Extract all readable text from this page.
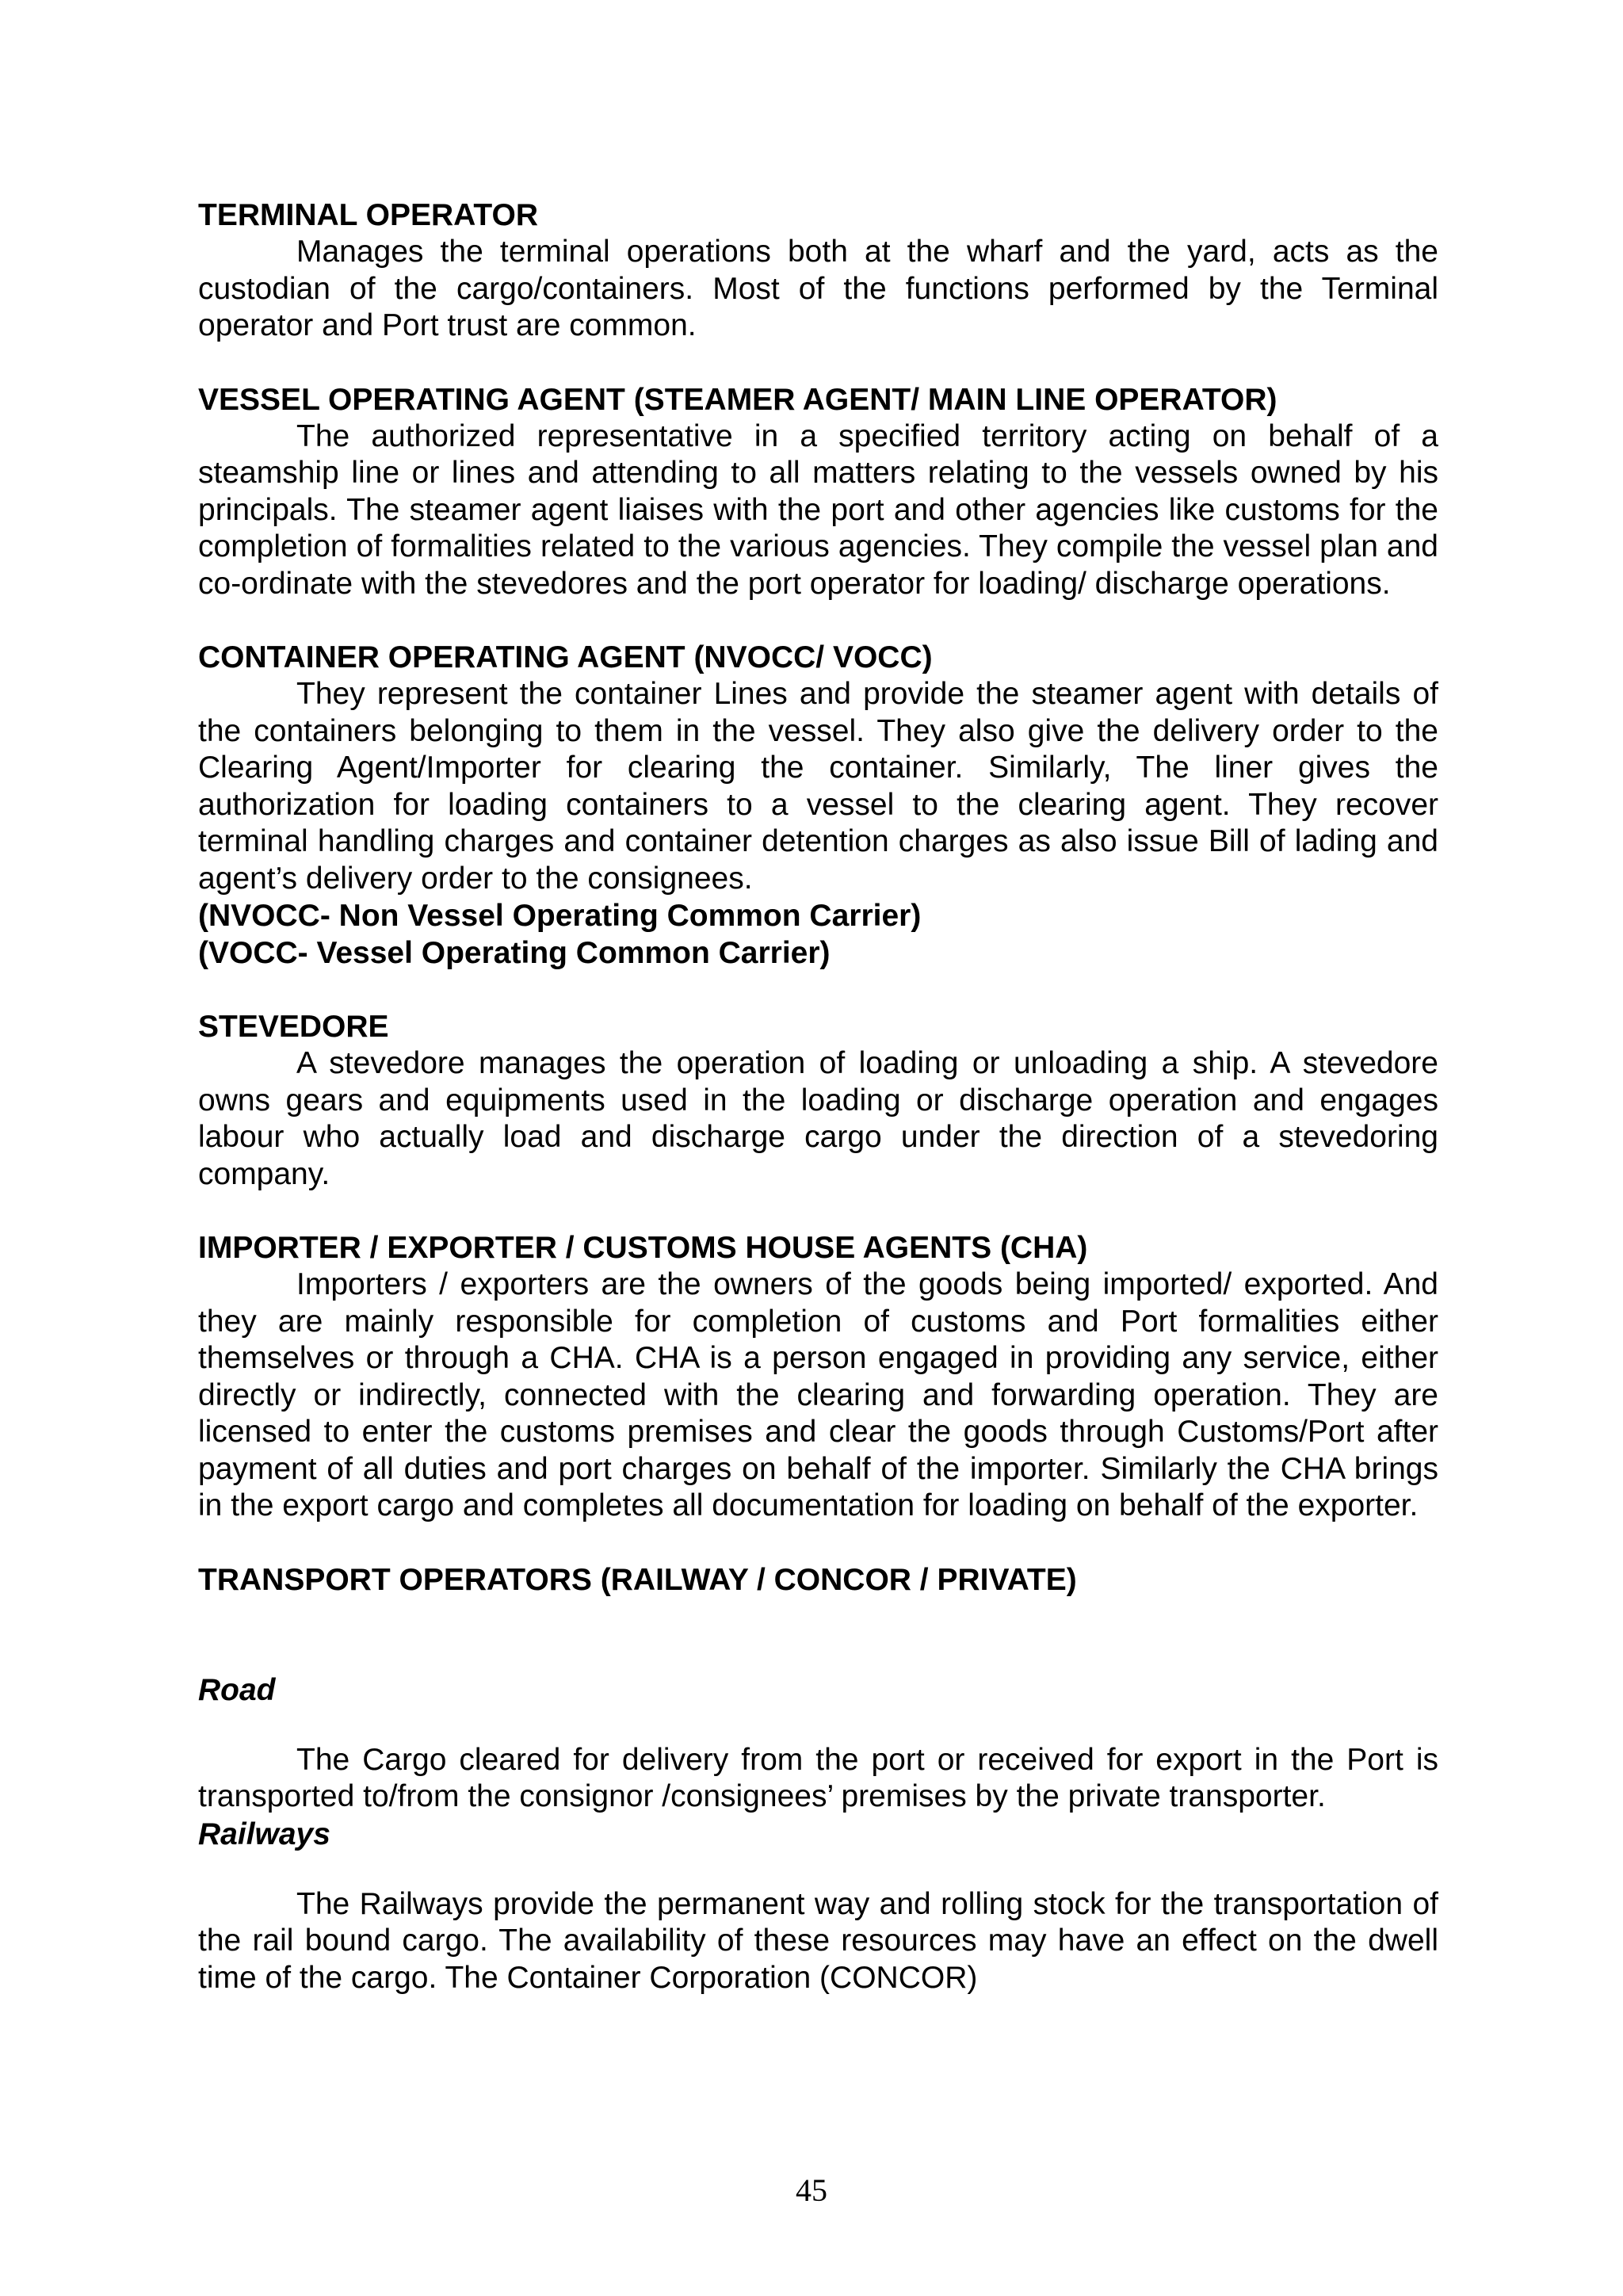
TERMINAL OPERATOR

Manages the terminal operations both at the wharf and the yard, acts as the custodian of the cargo/containers. Most of the functions performed by the Terminal operator and Port trust are common.

VESSEL OPERATING AGENT (STEAMER AGENT/ MAIN LINE OPERATOR)

The authorized representative in a specified territory acting on behalf of a steamship line or lines and attending to all matters relating to the vessels owned by his principals. The steamer agent liaises with the port and other agencies like customs for the completion of formalities related to the various agencies. They compile the vessel plan and co-ordinate with the stevedores and the port operator for loading/ discharge operations.

CONTAINER OPERATING AGENT (NVOCC/ VOCC)

They represent the container Lines and provide the steamer agent with details of the containers belonging to them in the vessel. They also give the delivery order to the Clearing Agent/Importer for clearing the container. Similarly, The liner gives the authorization for loading containers to a vessel to the clearing agent. They recover terminal handling charges and container detention charges as also issue Bill of lading and agent’s delivery order to the consignees.

(NVOCC- Non Vessel Operating Common Carrier)

(VOCC- Vessel Operating Common Carrier)

STEVEDORE

A stevedore manages the operation of loading or unloading a ship. A stevedore owns gears and equipments used in the loading or discharge operation and engages labour who actually load and discharge cargo under the direction of a stevedoring company.

IMPORTER / EXPORTER / CUSTOMS HOUSE AGENTS (CHA)

Importers / exporters are the owners of the goods being imported/ exported. And they are mainly responsible for completion of customs and Port formalities either themselves or through a CHA. CHA is a person engaged in providing any service, either directly or indirectly, connected with the clearing and forwarding operation. They are licensed to enter the customs premises and clear the goods through Customs/Port after payment of all duties and port charges on behalf of the importer. Similarly the CHA brings in the export cargo and completes all documentation for loading on behalf of the exporter.

TRANSPORT OPERATORS (RAILWAY / CONCOR / PRIVATE)

Road

The Cargo cleared for delivery from the port or received for export in the Port is transported to/from the consignor /consignees’ premises by the private transporter.

Railways

The Railways provide the permanent way and rolling stock for the transportation of the rail bound cargo. The availability of these resources may have an effect on the dwell time of the cargo. The Container Corporation (CONCOR)

45
